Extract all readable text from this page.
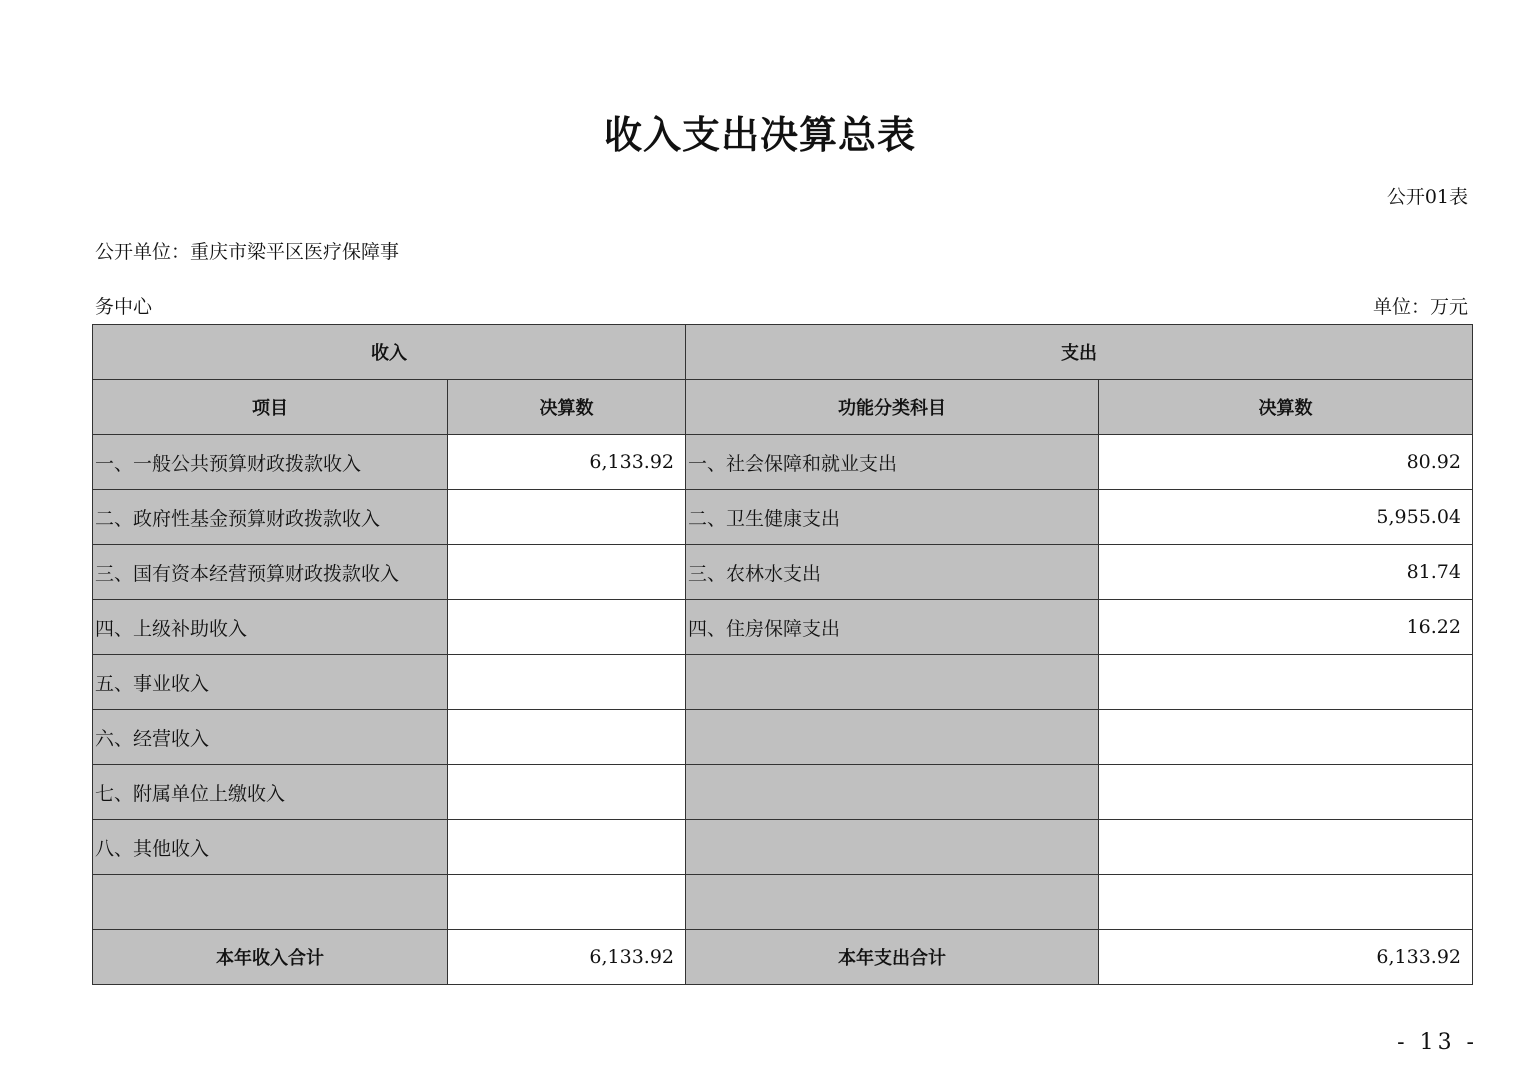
收入支出决算总表
公开01表
公开单位：重庆市梁平区医疗保障事
务中心	单位：万元
收入		支出	
项目	决算数	功能分类科目	决算数
一、一般公共预算财政拨款收入	6,133.92	一、社会保障和就业支出	80.92
二、政府性基金预算财政拨款收入		二、卫生健康支出	5,955.04
三、国有资本经营预算财政拨款收入		三、农林水支出	81.74
四、上级补助收入		四、住房保障支出	16.22
五、事业收入			
六、经营收入			
七、附属单位上缴收入			
八、其他收入			

本年收入合计	6,133.92	本年支出合计	6,133.92
- 13 -
